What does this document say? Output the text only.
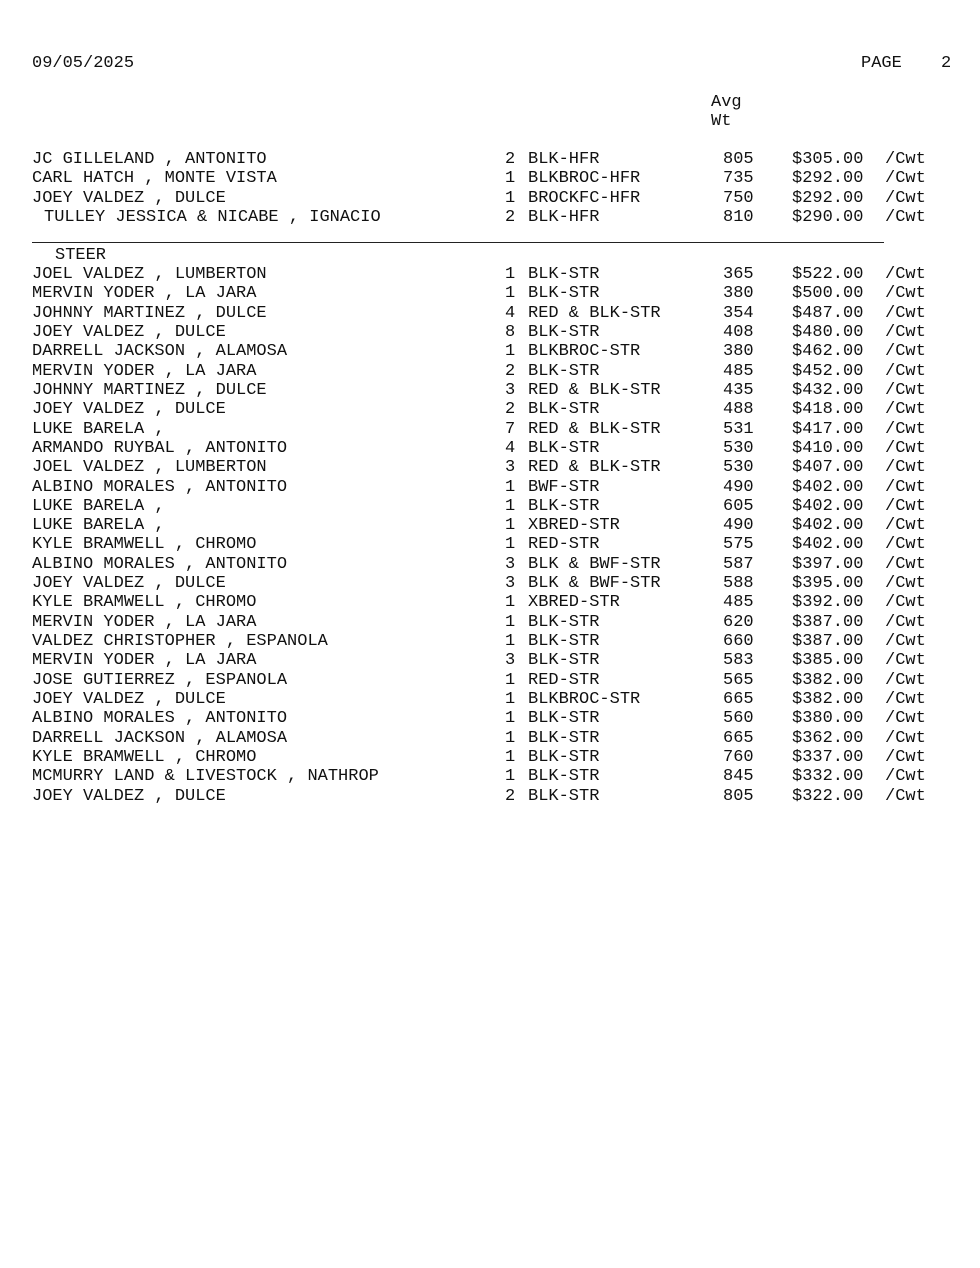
09/05/2025	PAGE 2
Avg
Wt
JC GILLELAND , ANTONITO	2 BLK-HFR	805 $305.00 /Cwt
CARL HATCH , MONTE VISTA	1 BLKBROC-HFR	735 $292.00 /Cwt
JOEY VALDEZ , DULCE	1 BROCKFC-HFR	750 $292.00 /Cwt
TULLEY JESSICA & NICABE , IGNACIO	2 BLK-HFR	810 $290.00 /Cwt
STEER
JOEL VALDEZ , LUMBERTON	1 BLK-STR	365 $522.00 /Cwt
MERVIN YODER , LA JARA	1 BLK-STR	380 $500.00 /Cwt
JOHNNY MARTINEZ , DULCE	4 RED & BLK-STR	354 $487.00 /Cwt
JOEY VALDEZ , DULCE	8 BLK-STR	408 $480.00 /Cwt
DARRELL JACKSON , ALAMOSA	1 BLKBROC-STR	380 $462.00 /Cwt
MERVIN YODER , LA JARA	2 BLK-STR	485 $452.00 /Cwt
JOHNNY MARTINEZ , DULCE	3 RED & BLK-STR	435 $432.00 /Cwt
JOEY VALDEZ , DULCE	2 BLK-STR	488 $418.00 /Cwt
LUKE BARELA ,	7 RED & BLK-STR	531 $417.00 /Cwt
ARMANDO RUYBAL , ANTONITO	4 BLK-STR	530 $410.00 /Cwt
JOEL VALDEZ , LUMBERTON	3 RED & BLK-STR	530 $407.00 /Cwt
ALBINO MORALES , ANTONITO	1 BWF-STR	490 $402.00 /Cwt
LUKE BARELA ,	1 BLK-STR	605 $402.00 /Cwt
LUKE BARELA ,	1 XBRED-STR	490 $402.00 /Cwt
KYLE BRAMWELL , CHROMO	1 RED-STR	575 $402.00 /Cwt
ALBINO MORALES , ANTONITO	3 BLK & BWF-STR	587 $397.00 /Cwt
JOEY VALDEZ , DULCE	3 BLK & BWF-STR	588 $395.00 /Cwt
KYLE BRAMWELL , CHROMO	1 XBRED-STR	485 $392.00 /Cwt
MERVIN YODER , LA JARA	1 BLK-STR	620 $387.00 /Cwt
VALDEZ CHRISTOPHER , ESPANOLA	1 BLK-STR	660 $387.00 /Cwt
MERVIN YODER , LA JARA	3 BLK-STR	583 $385.00 /Cwt
JOSE GUTIERREZ , ESPANOLA	1 RED-STR	565 $382.00 /Cwt
JOEY VALDEZ , DULCE	1 BLKBROC-STR	665 $382.00 /Cwt
ALBINO MORALES , ANTONITO	1 BLK-STR	560 $380.00 /Cwt
DARRELL JACKSON , ALAMOSA	1 BLK-STR	665 $362.00 /Cwt
KYLE BRAMWELL , CHROMO	1 BLK-STR	760 $337.00 /Cwt
MCMURRY LAND & LIVESTOCK , NATHROP	1 BLK-STR	845 $332.00 /Cwt
JOEY VALDEZ , DULCE	2 BLK-STR	805 $322.00 /Cwt
